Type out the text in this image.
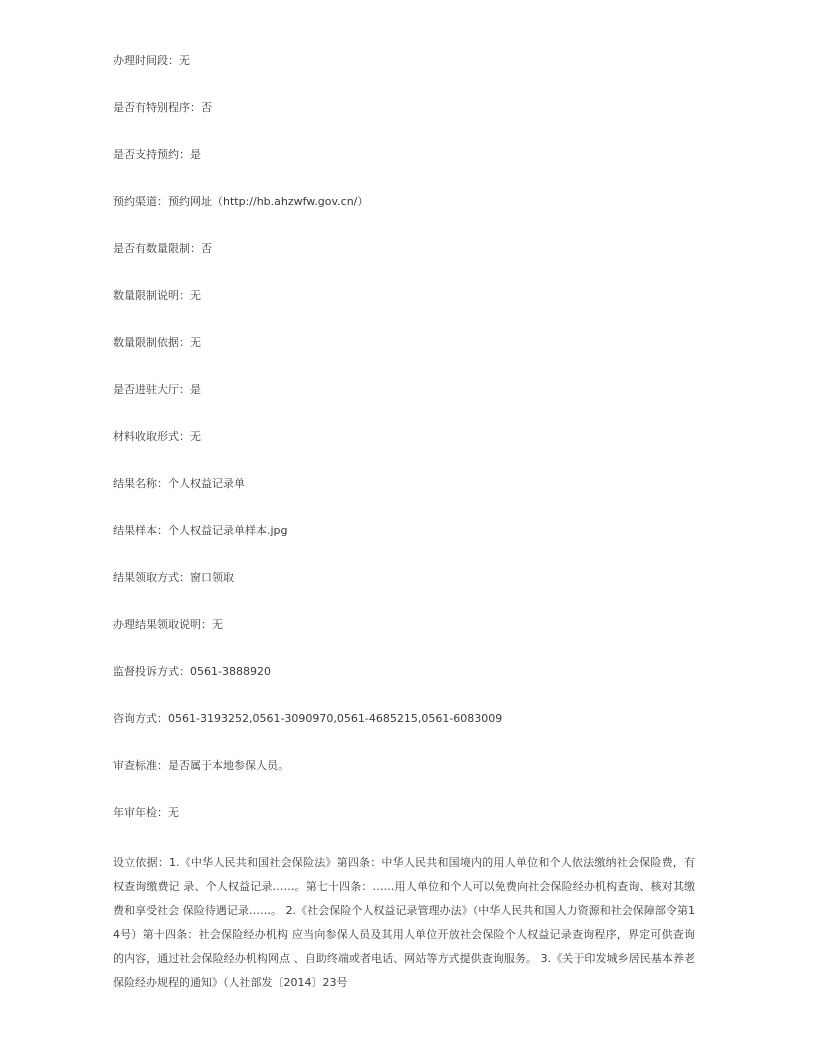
办理时间段：无

是否有特别程序：否

是否支持预约：是

预约渠道：预约网址（http://hb.ahzwfw.gov.cn/）

是否有数量限制：否

数量限制说明：无

数量限制依据：无

是否进驻大厅：是

材料收取形式：无

结果名称：个人权益记录单

结果样本：个人权益记录单样本.jpg

结果领取方式：窗口领取

办理结果领取说明：无

监督投诉方式：0561-3888920

咨询方式：0561-3193252,0561-3090970,0561-4685215,0561-6083009

审查标准：是否属于本地参保人员。

年审年检：无

设立依据：1.《中华人民共和国社会保险法》第四条：中华人民共和国境内的用人单位和个人依法缴纳社会保险费，有权查询缴费记 录、个人权益记录……。第七十四条：……用人单位和个人可以免费向社会保险经办机构查询、核对其缴费和享受社会 保险待遇记录……。 2.《社会保险个人权益记录管理办法》（中华人民共和国人力资源和社会保障部令第14号）第十四条：社会保险经办机构 应当向参保人员及其用人单位开放社会保险个人权益记录查询程序，界定可供查询的内容，通过社会保险经办机构网点 、自助终端或者电话、网站等方式提供查询服务。 3.《关于印发城乡居民基本养老保险经办规程的通知》（人社部发〔2014〕23号
